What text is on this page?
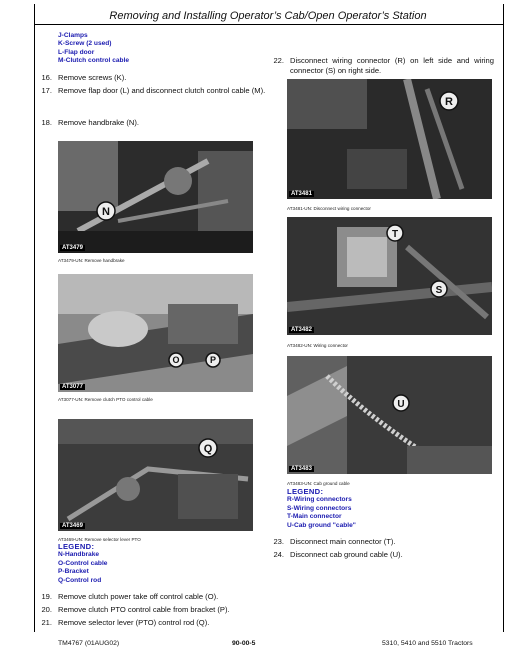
Removing and Installing Operator’s Cab/Open Operator’s Station
J-Clamps
K-Screw (2 used)
L-Flap door
M-Clutch control cable
16. Remove screws (K).
17. Remove flap door (L) and disconnect clutch control cable (M).
18. Remove handbrake (N).
22. Disconnect wiring connector (R) on left side and wiring connector (S) on right side.
N
AT3479
AT3479-UN: Remove handbrake
O	P
AT3077
AT3077-UN: Remove clutch PTO control cable
Q
AT3469
AT3469-UN: Remove selector lever PTO
LEGEND:
N-Handbrake
O-Control cable
P-Bracket
Q-Control rod
19. Remove clutch power take off control cable (O).
20. Remove clutch PTO control cable from bracket (P).
21. Remove selector lever (PTO) control rod (Q).
R
AT3481
AT3481-UN: Disconnect wiring connector
T
S
AT3482
AT3482-UN: Wiring connector
U
AT3483
AT3483-UN: Cab ground cable
LEGEND:
R-Wiring connectors
S-Wiring connectors
T-Main connector
U-Cab ground "cable"
23. Disconnect main connector (T).
24. Disconnect cab ground cable (U).
TM4767 (01AUG02)	90-00-5	5310, 5410 and 5510 Tractors
